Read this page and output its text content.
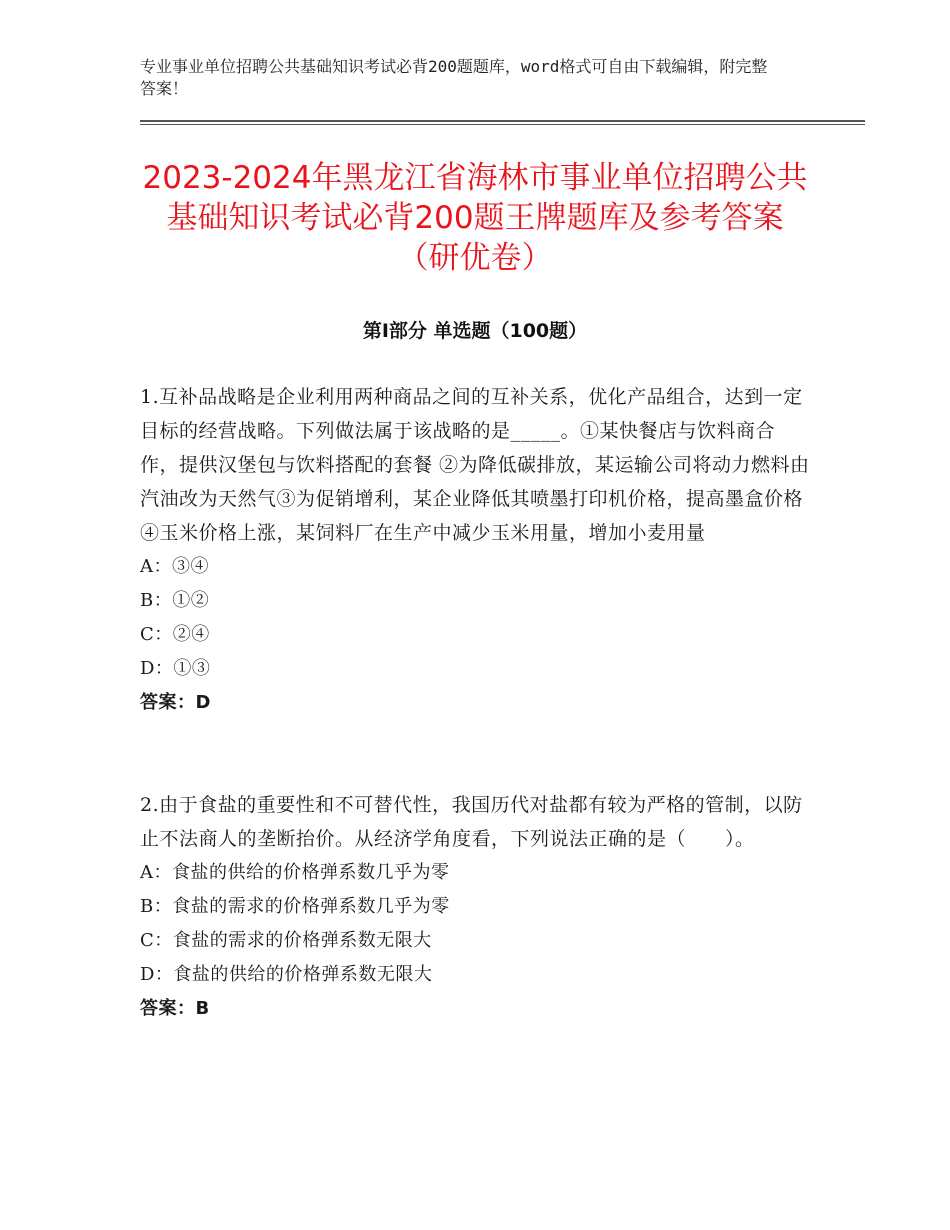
专业事业单位招聘公共基础知识考试必背200题题库，word格式可自由下载编辑，附完整答案！
2023-2024年黑龙江省海林市事业单位招聘公共基础知识考试必背200题王牌题库及参考答案（研优卷）
第Ⅰ部分 单选题（100题）
1.互补品战略是企业利用两种商品之间的互补关系，优化产品组合，达到一定目标的经营战略。下列做法属于该战略的是_____。①某快餐店与饮料商合作，提供汉堡包与饮料搭配的套餐 ②为降低碳排放，某运输公司将动力燃料由汽油改为天然气③为促销增利，某企业降低其喷墨打印机价格，提高墨盒价格 ④玉米价格上涨，某饲料厂在生产中减少玉米用量，增加小麦用量
A：③④
B：①②
C：②④
D：①③
答案：D
2.由于食盐的重要性和不可替代性，我国历代对盐都有较为严格的管制，以防止不法商人的垄断抬价。从经济学角度看，下列说法正确的是（　　）。
A：食盐的供给的价格弹系数几乎为零
B：食盐的需求的价格弹系数几乎为零
C：食盐的需求的价格弹系数无限大
D：食盐的供给的价格弹系数无限大
答案：B
